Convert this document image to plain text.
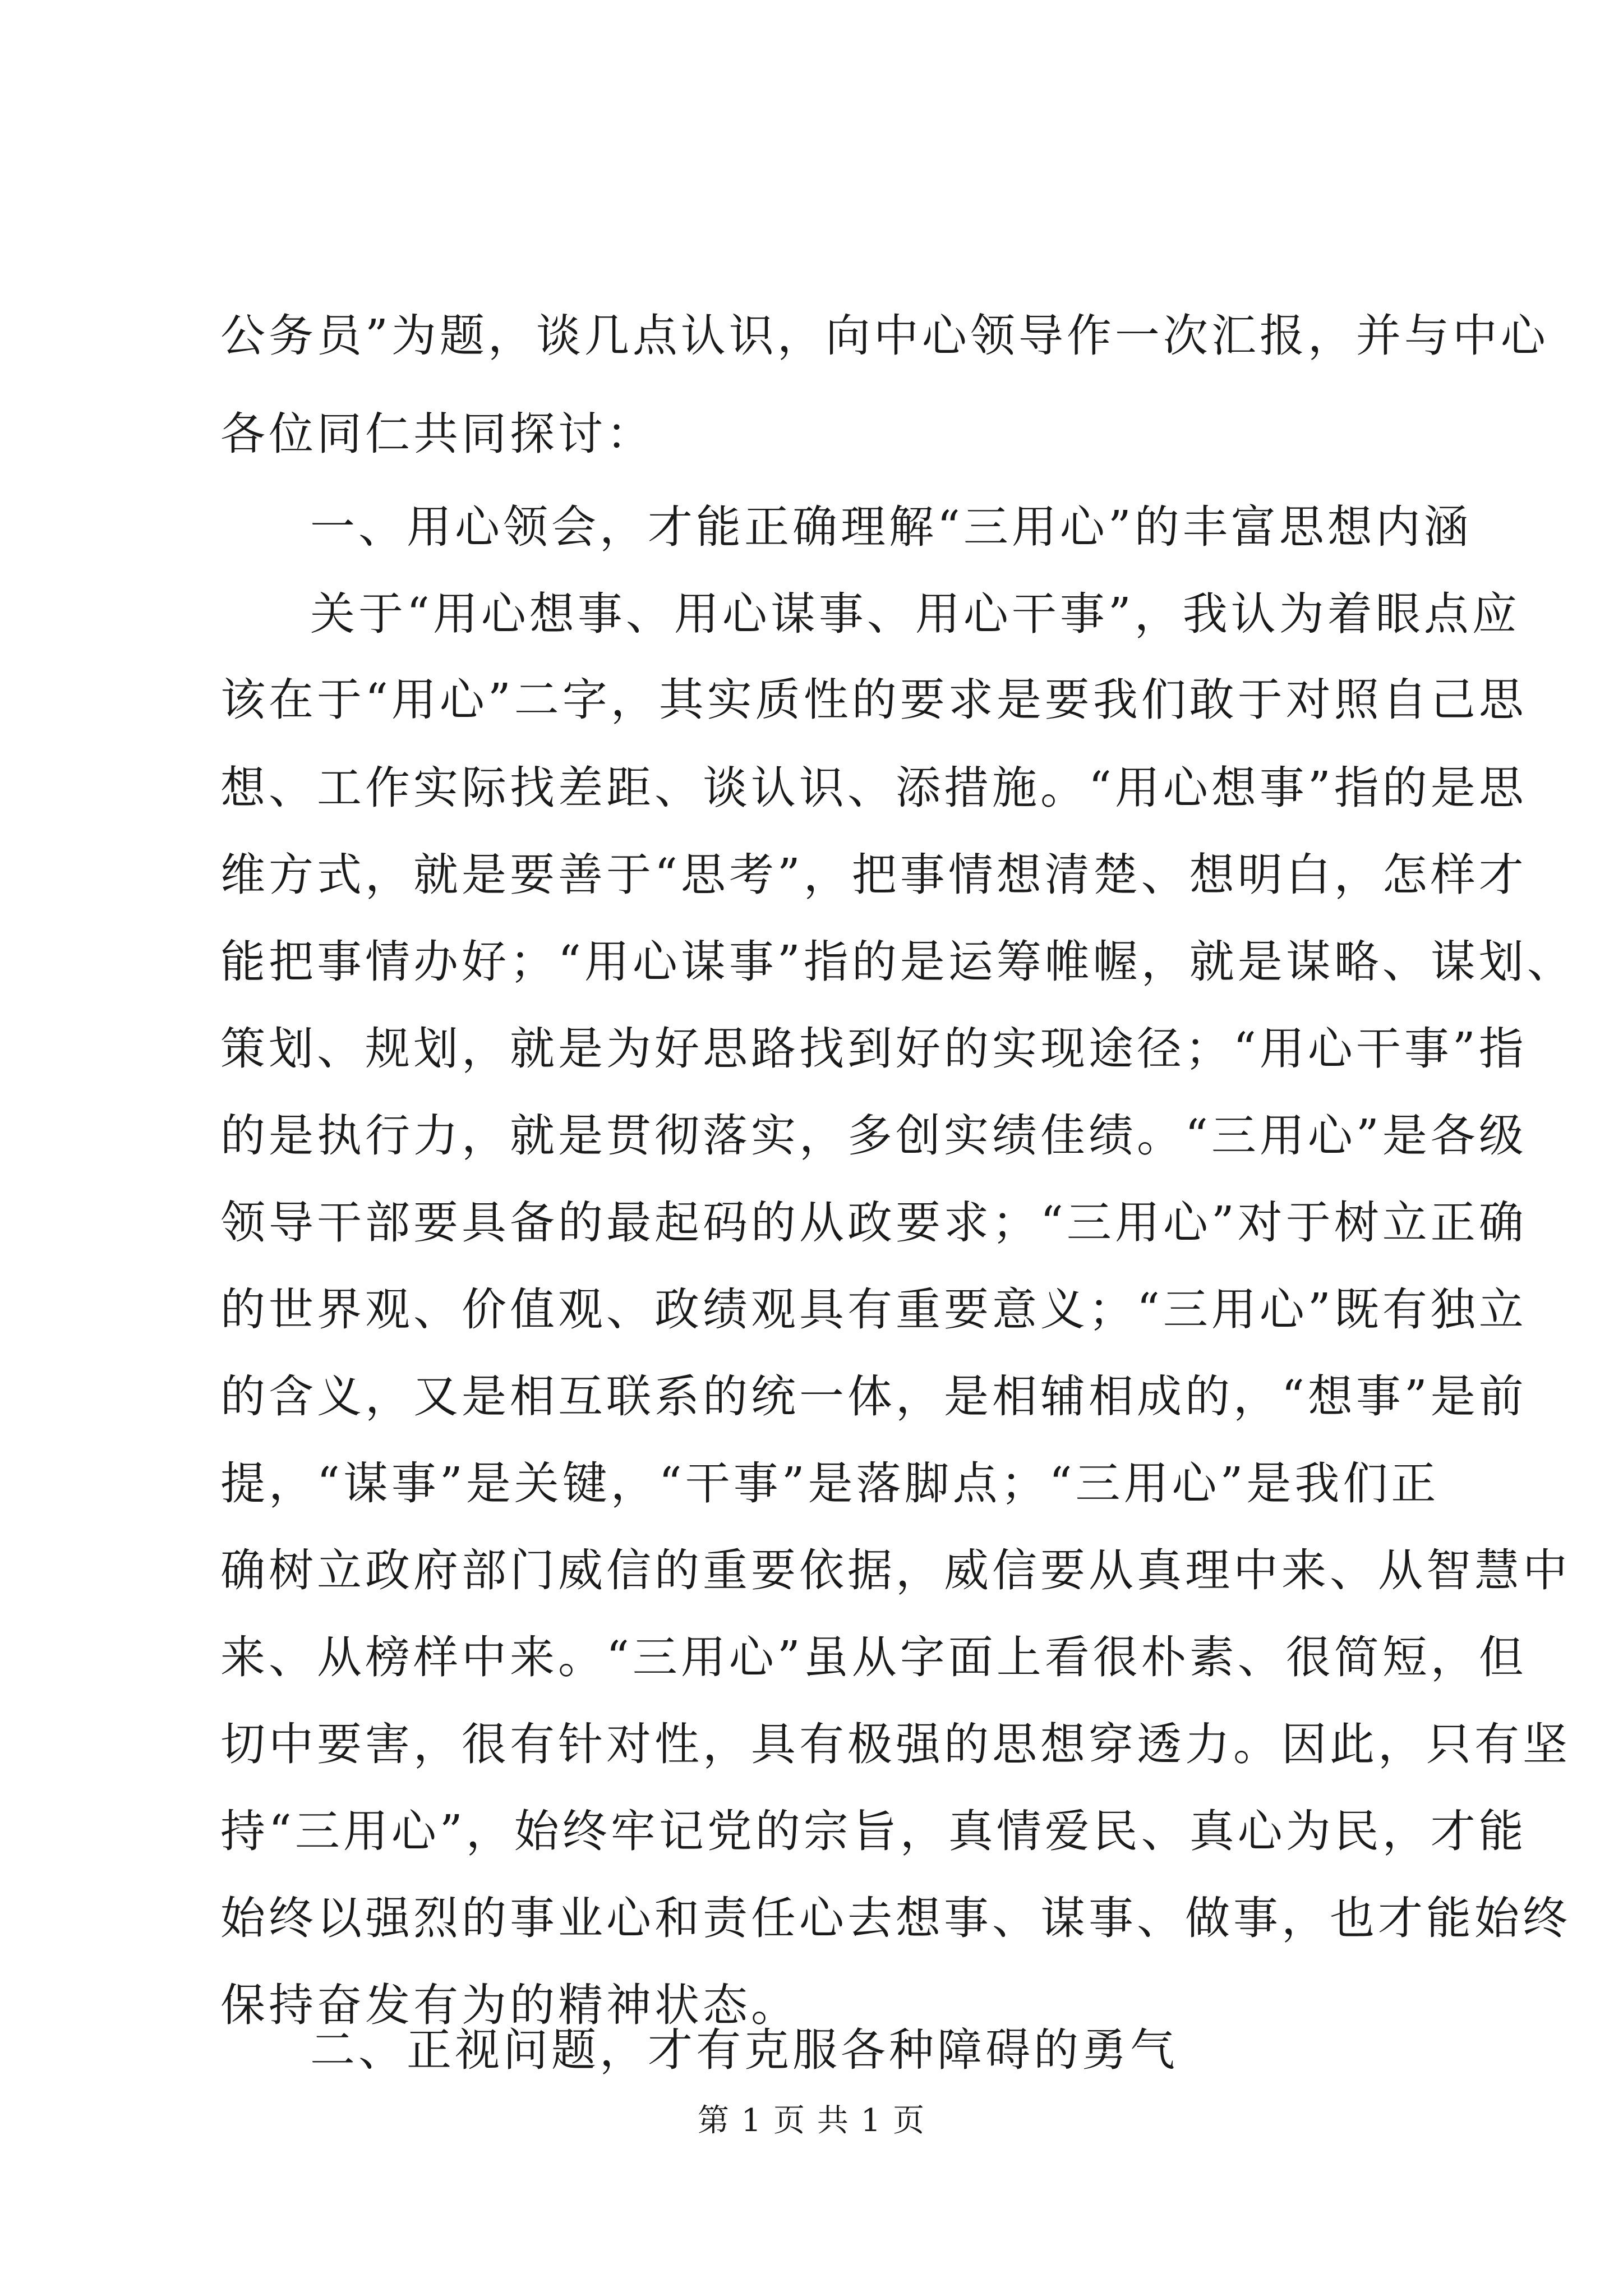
公务员”为题，谈几点认识，向中心领导作一次汇报，并与中心
各位同仁共同探讨：
一、用心领会，才能正确理解“三用心”的丰富思想内涵
关于“用心想事、用心谋事、用心干事”，我认为着眼点应
该在于“用心”二字，其实质性的要求是要我们敢于对照自己思
想、工作实际找差距、谈认识、添措施。“用心想事”指的是思
维方式，就是要善于“思考”，把事情想清楚、想明白，怎样才
能把事情办好；“用心谋事”指的是运筹帷幄，就是谋略、谋划、
策划、规划，就是为好思路找到好的实现途径；“用心干事”指
的是执行力，就是贯彻落实，多创实绩佳绩。“三用心”是各级
领导干部要具备的最起码的从政要求；“三用心”对于树立正确
的世界观、价值观、政绩观具有重要意义；“三用心”既有独立
的含义，又是相互联系的统一体，是相辅相成的，“想事”是前
提，“谋事”是关键，“干事”是落脚点；“三用心”是我们正
确树立政府部门威信的重要依据，威信要从真理中来、从智慧中
来、从榜样中来。“三用心”虽从字面上看很朴素、很简短，但
切中要害，很有针对性，具有极强的思想穿透力。因此，只有坚
持“三用心”，始终牢记党的宗旨，真情爱民、真心为民，才能
始终以强烈的事业心和责任心去想事、谋事、做事，也才能始终
保持奋发有为的精神状态。
二、正视问题，才有克服各种障碍的勇气
第 1 页 共 1 页
